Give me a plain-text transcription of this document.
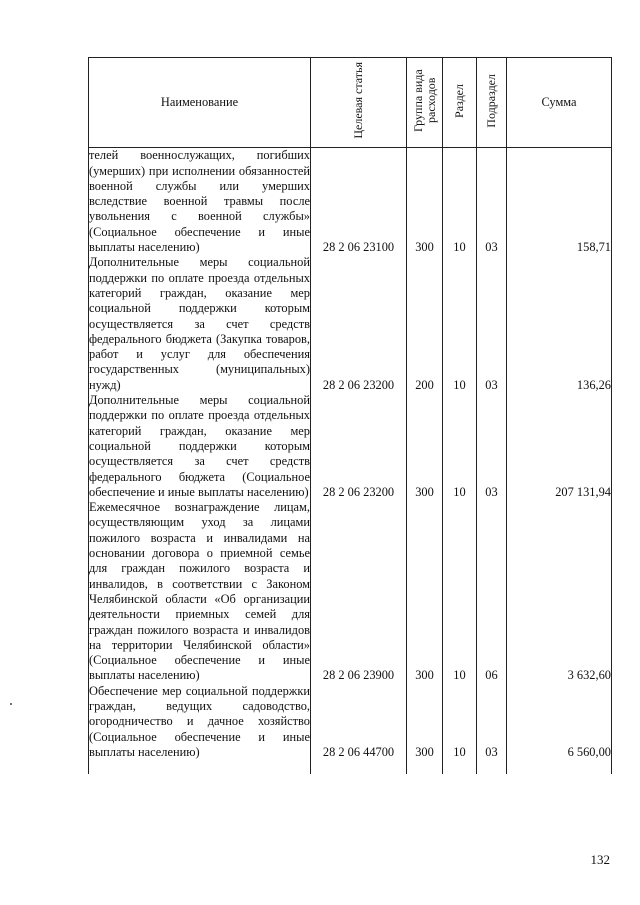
Наименование	Целевая статья	Группа вида расходов	Раздел	Подраздел	Сумма
телей военнослужащих, погибших (умерших) при исполнении обязанностей военной службы или умерших вследствие военной травмы после увольнения с военной службы» (Социальное обеспечение и иные выплаты населению)	28 2 06 23100	300	10	03	158,71
Дополнительные меры социальной поддержки по оплате проезда отдельных категорий граждан, оказание мер социальной поддержки которым осуществляется за счет средств федерального бюджета (Закупка товаров, работ и услуг для обеспечения государственных (муниципальных) нужд)	28 2 06 23200	200	10	03	136,26
Дополнительные меры социальной поддержки по оплате проезда отдельных категорий граждан, оказание мер социальной поддержки которым осуществляется за счет средств федерального бюджета (Социальное обеспечение и иные выплаты населению)	28 2 06 23200	300	10	03	207 131,94
Ежемесячное вознаграждение лицам, осуществляющим уход за лицами пожилого возраста и инвалидами на основании договора о приемной семье для граждан пожилого возраста и инвалидов, в соответствии с Законом Челябинской области «Об организации деятельности приемных семей для граждан пожилого возраста и инвалидов на территории Челябинской области» (Социальное обеспечение и иные выплаты населению)	28 2 06 23900	300	10	06	3 632,60
Обеспечение мер социальной поддержки граждан, ведущих садоводство, огородничество и дачное хозяйство (Социальное обеспечение и иные выплаты населению)	28 2 06 44700	300	10	03	6 560,00

132
